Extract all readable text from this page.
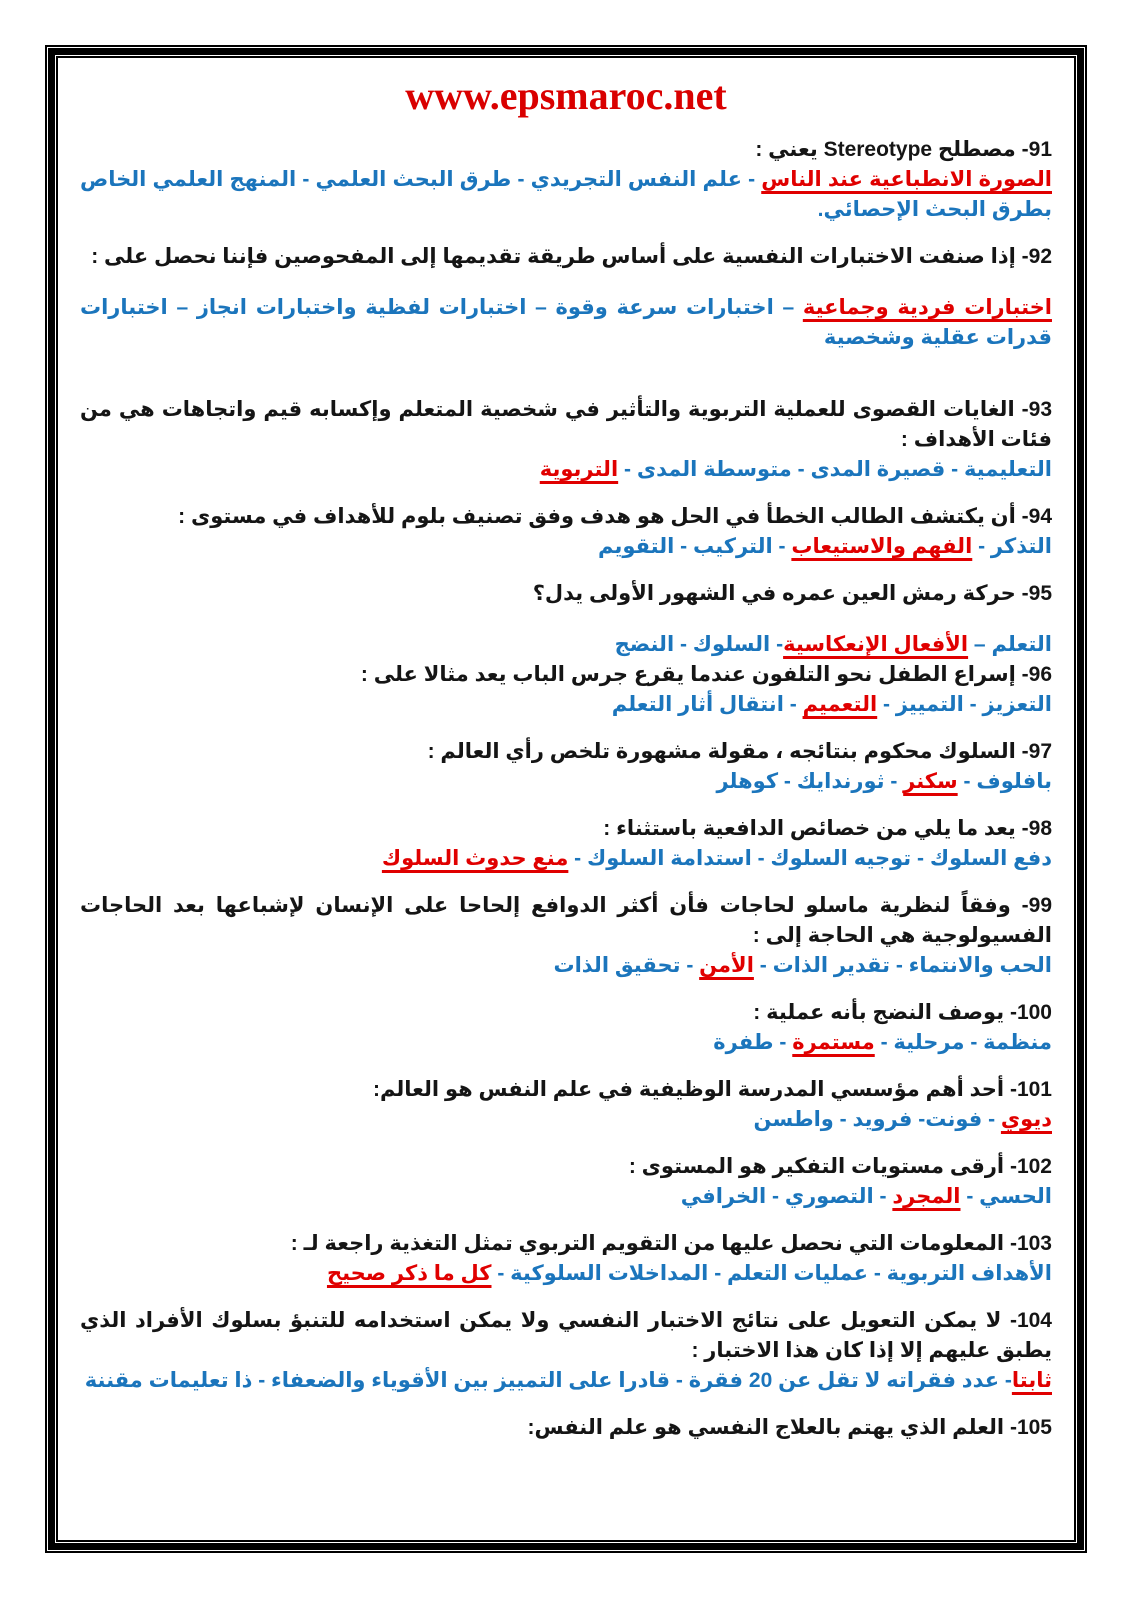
www.epsmaroc.net

91- مصطلح Stereotype يعني :

الصورة الانطباعية عند الناس - علم النفس التجريدي - طرق البحث العلمي - المنهج العلمي الخاص بطرق البحث الإحصائي.

92- إذا صنفت الاختبارات النفسية على أساس طريقة تقديمها إلى المفحوصين فإننا نحصل على :

اختبارات فردية وجماعية – اختبارات سرعة وقوة – اختبارات لفظية واختبارات انجاز – اختبارات قدرات عقلية وشخصية

93- الغايات القصوى للعملية التربوية والتأثير في شخصية المتعلم وإكسابه قيم واتجاهات هي من فئات الأهداف :

التعليمية - قصيرة المدى - متوسطة المدى - التربوية

94- أن يكتشف الطالب الخطأ في الحل هو هدف وفق تصنيف بلوم للأهداف في مستوى :

التذكر - الفهم والاستيعاب - التركيب - التقويم

95- حركة رمش العين عمره في الشهور الأولى يدل؟

التعلم – الأفعال الإنعكاسية- السلوك - النضج

96- إسراع الطفل نحو التلفون عندما يقرع جرس الباب يعد مثالا على :

التعزيز - التمييز - التعميم - انتقال أثار التعلم

97- السلوك محكوم بنتائجه ، مقولة مشهورة تلخص رأي العالم :

بافلوف - سكنر - ثورندايك - كوهلر

98- يعد ما يلي من خصائص الدافعية باستثناء :

دفع السلوك - توجيه السلوك - استدامة السلوك - منع حدوث السلوك

99- وفقاً لنظرية ماسلو لحاجات فأن أكثر الدوافع إلحاحا على الإنسان لإشباعها بعد الحاجات الفسيولوجية هي الحاجة إلى :

الحب والانتماء - تقدير الذات - الأمن - تحقيق الذات

100- يوصف النضج بأنه عملية :

منظمة - مرحلية - مستمرة - طفرة

101- أحد أهم مؤسسي المدرسة الوظيفية في علم النفس هو العالم:

ديوي - فونت- فرويد - واطسن

102- أرقى مستويات التفكير هو المستوى :

الحسي - المجرد - التصوري - الخرافي

103- المعلومات التي نحصل عليها من التقويم التربوي تمثل التغذية راجعة لـ :

الأهداف التربوية - عمليات التعلم - المداخلات السلوكية - كل ما ذكر صحيح

104- لا يمكن التعويل على نتائج الاختبار النفسي ولا يمكن استخدامه للتنبؤ بسلوك الأفراد الذي يطبق عليهم إلا إذا كان هذا الاختبار :

ثابتا- عدد فقراته لا تقل عن 20 فقرة - قادرا على التمييز بين الأقوياء والضعفاء - ذا تعليمات مقننة

105- العلم الذي يهتم بالعلاج النفسي هو علم النفس:
